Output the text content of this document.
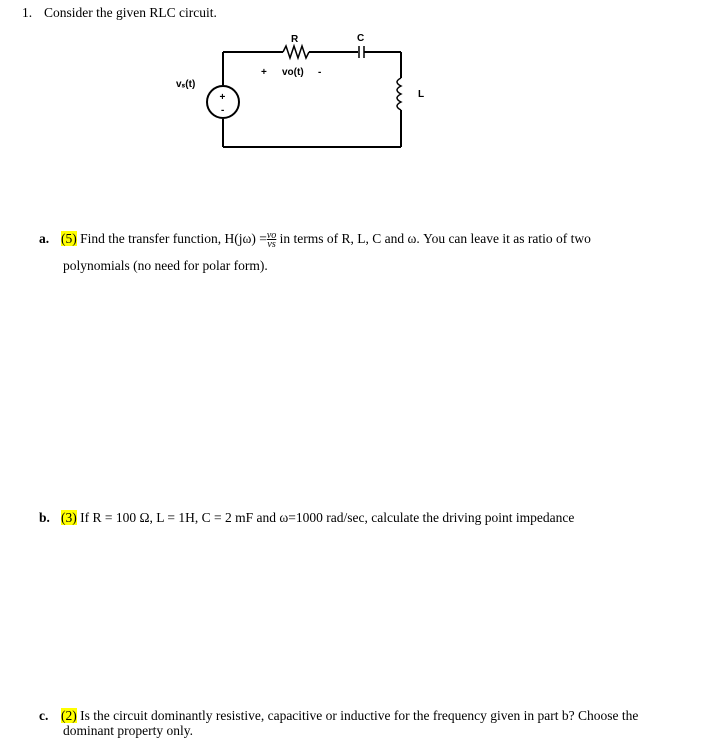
1. Consider the given RLC circuit.
+
-
R	C
L
vₛ(t)
+ vo(t) -
a. (5) Find the transfer function, $H(j\omega) = \frac{vo}{vs}$ in terms of R, L, C and ω. You can leave it as ratio of two
polynomials (no need for polar form).
b. (3) If R = 100 Ω, L = 1H, C = 2 mF and ω=1000 rad/sec, calculate the driving point impedance
c. (2) Is the circuit dominantly resistive, capacitive or inductive for the frequency given in part b? Choose the
dominant property only.
